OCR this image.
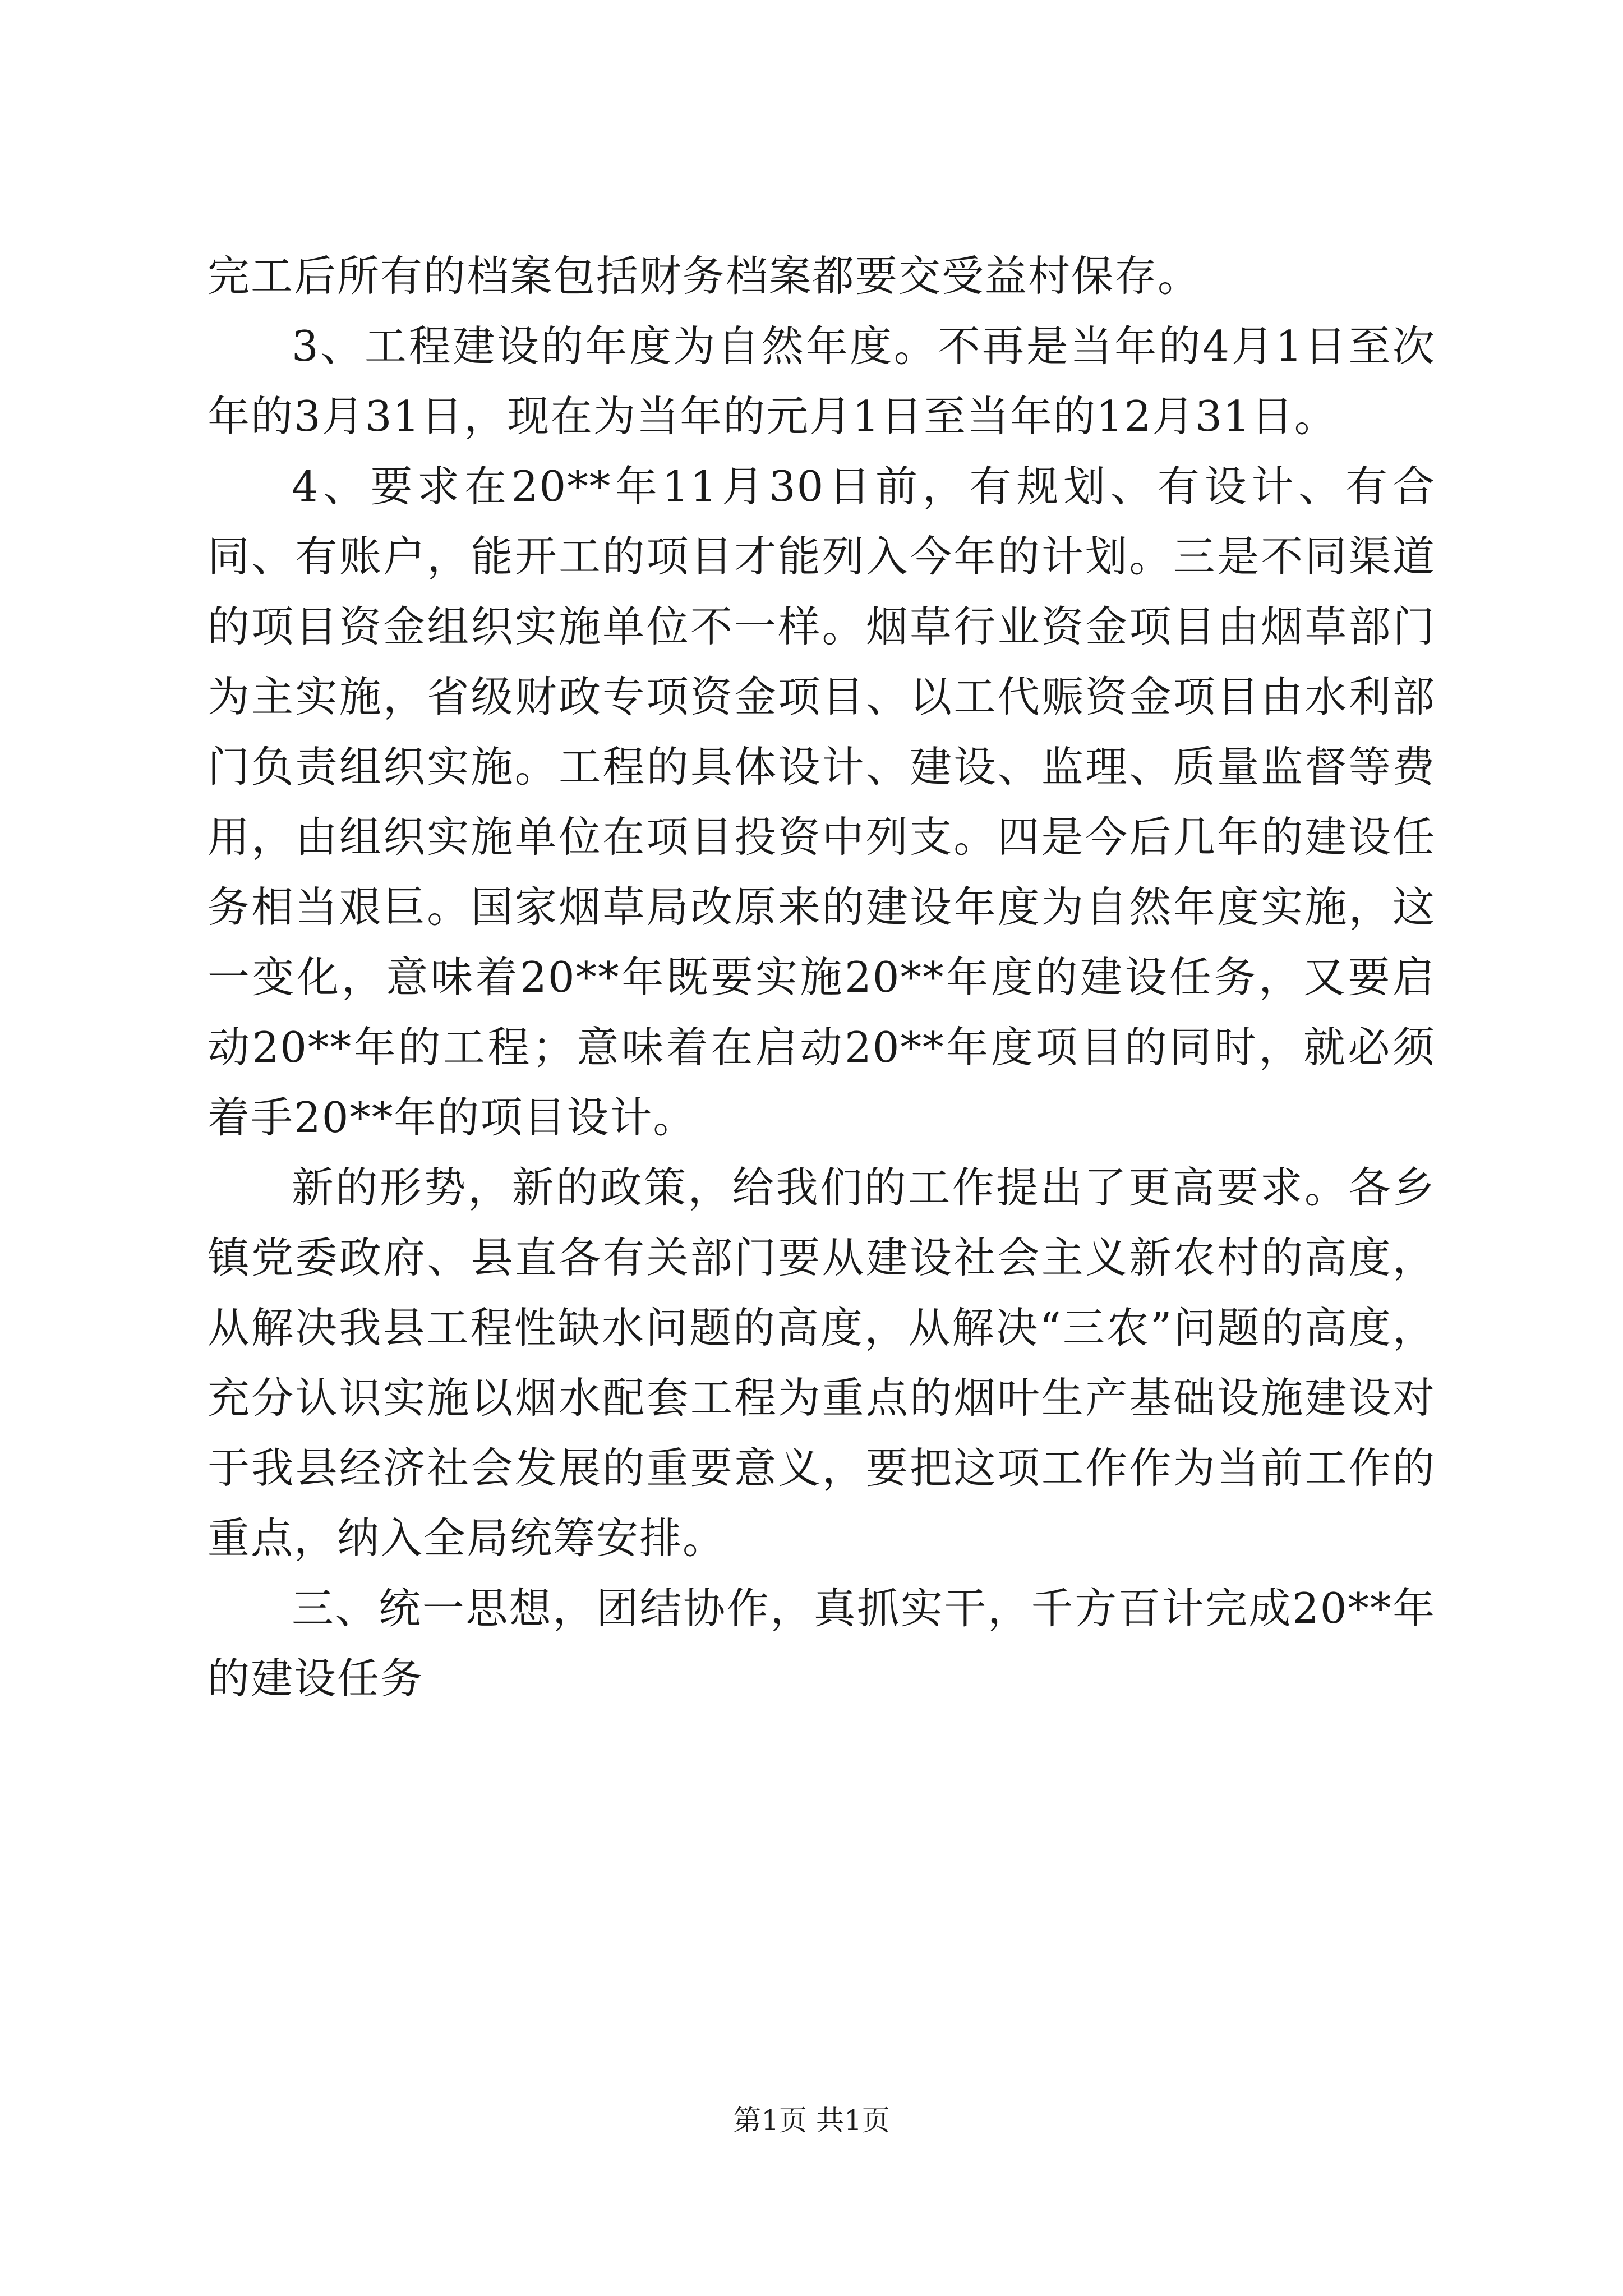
完工后所有的档案包括财务档案都要交受益村保存。

3、工程建设的年度为自然年度。不再是当年的4月1日至次年的3月31日，现在为当年的元月1日至当年的12月31日。

4、要求在20**年11月30日前，有规划、有设计、有合同、有账户，能开工的项目才能列入今年的计划。三是不同渠道的项目资金组织实施单位不一样。烟草行业资金项目由烟草部门为主实施，省级财政专项资金项目、以工代赈资金项目由水利部门负责组织实施。工程的具体设计、建设、监理、质量监督等费用，由组织实施单位在项目投资中列支。四是今后几年的建设任务相当艰巨。国家烟草局改原来的建设年度为自然年度实施，这一变化，意味着20**年既要实施20**年度的建设任务，又要启动20**年的工程；意味着在启动20**年度项目的同时，就必须着手20**年的项目设计。

新的形势，新的政策，给我们的工作提出了更高要求。各乡镇党委政府、县直各有关部门要从建设社会主义新农村的高度，从解决我县工程性缺水问题的高度，从解决“三农”问题的高度，充分认识实施以烟水配套工程为重点的烟叶生产基础设施建设对于我县经济社会发展的重要意义，要把这项工作作为当前工作的重点，纳入全局统筹安排。

三、统一思想，团结协作，真抓实干，千方百计完成20**年的建设任务

第1页 共1页
